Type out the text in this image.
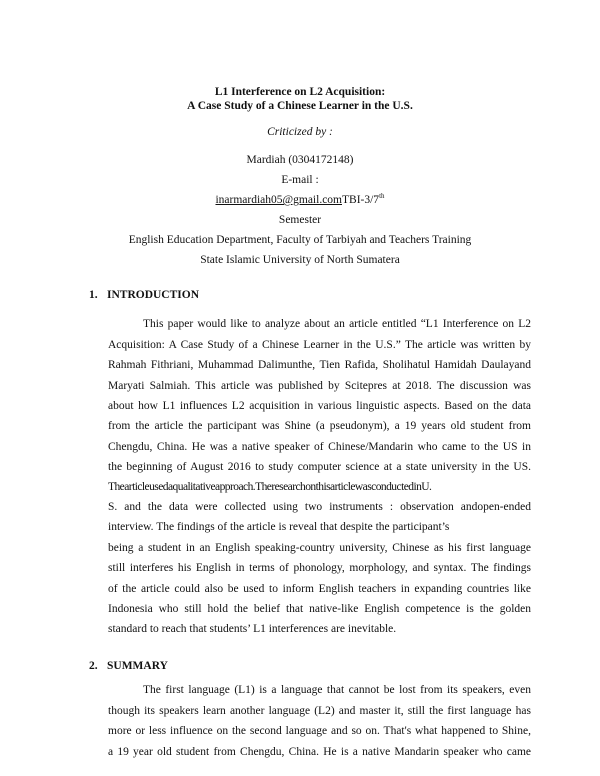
L1 Interference on L2 Acquisition:
A Case Study of a Chinese Learner in the U.S.
Criticized by :
Mardiah (0304172148)
E-mail :
inarmardiah05@gmail.comTBI-3/7th
Semester
English Education Department, Faculty of Tarbiyah and Teachers Training
State Islamic University of North Sumatera
1. INTRODUCTION
This paper would like to analyze about an article entitled “L1 Interference on L2
Acquisition: A Case Study of a Chinese Learner in the U.S.” The article was written by
Rahmah Fithriani, Muhammad Dalimunthe, Tien Rafida, Sholihatul Hamidah Daulayand
Maryati Salmiah. This article was published by Scitepres at 2018. The discussion was
about how L1 influences L2 acquisition in various linguistic aspects. Based on the data
from the article the participant was Shine (a pseudonym), a 19 years old student from
Chengdu, China. He was a native speaker of Chinese/Mandarin who came to the US in
the beginning of August 2016 to study computer science at a state university in the US.
Thearticleusedaqualitativeapproach.TheresearchonthisarticlewasconductedinU.
S. and the data were collected using two instruments : observation andopen-ended
interview. The findings of the article is reveal that despite the participant’s
being a student in an English speaking-country university, Chinese as his first language
still interferes his English in terms of phonology, morphology, and syntax. The findings
of the article could also be used to inform English teachers in expanding countries like
Indonesia who still hold the belief that native-like English competence is the golden
standard to reach that students’ L1 interferences are inevitable.
2. SUMMARY
The first language (L1) is a language that cannot be lost from its speakers, even
though its speakers learn another language (L2) and master it, still the first language has
more or less influence on the second language and so on. That's what happened to Shine,
a 19 year old student from Chengdu, China. He is a native Mandarin speaker who came
